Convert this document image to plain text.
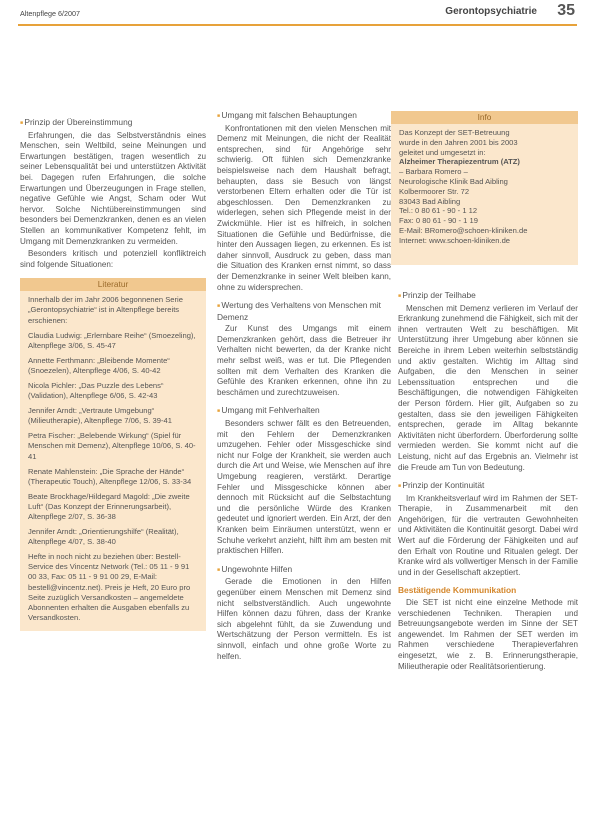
Altenpflege 6/2007	Gerontopsychiatrie 35
■ Prinzip der Übereinstimmung

Erfahrungen, die das Selbstverständnis eines Menschen, sein Weltbild, seine Meinungen und Erwartungen bestätigen, tragen wesentlich zu seiner Lebensqualität bei und unterstützen Aktivität bei. Dagegen rufen Erfahrungen, die solche Erwartungen und Überzeugungen in Frage stellen, negative Gefühle wie Angst, Scham oder Wut hervor. Solche Nichtübereinstimmungen sind besonders bei Demenzkranken, denen es an vielen Stellen an kommunikativer Kompetenz fehlt, im Umgang mit Demenzkranken zu vermeiden.

Besonders kritisch und potenziell konfliktreich sind folgende Situationen:

Literatur

Innerhalb der im Jahr 2006 begonnenen Serie „Gerontopsychiatrie“ ist in Altenpflege bereits erschienen:

Claudia Ludwig: „Erlernbare Reihe“ (Smoezeling), Altenpflege 3/06, S. 45-47

Annette Ferthmann: „Bleibende Momente“ (Snoezelen), Altenpflege 4/06, S. 40-42

Nicola Pichler: „Das Puzzle des Lebens“ (Validation), Altenpflege 6/06, S. 42-43

Jennifer Arndt: „Vertraute Umgebung“ (Milieutherapie), Altenpflege 7/06, S. 39-41

Petra Fischer: „Belebende Wirkung“ (Spiel für Menschen mit Demenz), Altenpflege 10/06, S. 40-41

Renate Mahlenstein: „Die Sprache der Hände“ (Therapeutic Touch), Altenpflege 12/06, S. 33-34

Beate Brockhage/Hildegard Magold: „Die zweite Luft“ (Das Konzept der Erinnerungsarbeit), Altenpflege 2/07, S. 36-38

Jennifer Arndt: „Orientierungshilfe“ (Realität), Altenpflege 4/07, S. 38-40

Hefte in noch nicht zu beziehen über: Bestell-Service des Vincentz Network (Tel.: 05 11 - 9 91 00 33, Fax: 05 11 - 9 91 00 29, E-Mail: bestell@vincentz.net). Preis je Heft, 20 Euro pro Seite zuzüglich Versandkosten – angemeldete Abonnenten erhalten die Ausgaben ebenfalls zu Versandkosten.

■ Umgang mit falschen Behauptungen

Konfrontationen mit den vielen Menschen mit Demenz mit Meinungen, die nicht der Realität entsprechen, sind für Angehörige sehr schwierig. Oft fühlen sich Demenzkranke beispielsweise nach dem Haushalt befragt, behaupten, dass sie Besuch von längst verstorbenen Eltern erhalten oder die Tür ist abgeschlossen. Den Demenzkranken zu widerlegen, sehen sich Pflegende meist in der Zwickmühle. Hier ist es hilfreich, in solchen Situationen die Gefühle und Bedürfnisse, die hinter den Aussagen liegen, zu erkennen. Es ist daher sinnvoll, Ausdruck zu geben, dass man die Situation des Kranken ernst nimmt, so dass der Demenzkranke in seiner Welt bleiben kann, ohne zu widersprechen.

■ Wertung des Verhaltens von Menschen mit Demenz

Zur Kunst des Umgangs mit einem Demenzkranken gehört, dass die Betreuer ihr Verhalten nicht bewerten, da der Kranke nicht mehr selbst weiß, was er tut. Die Pflegenden sollten mit dem Verhalten des Kranken die Gefühle des Kranken erkennen, ohne ihn zu beschämen und zurechtzuweisen.

■ Umgang mit Fehlverhalten

Besonders schwer fällt es den Betreuenden, mit den Fehlern der Demenzkranken umzugehen. Fehler oder Missgeschicke sind nicht nur Folge der Krankheit, sie werden auch durch die Art und Weise, wie Menschen auf ihre Umgebung reagieren, verstärkt. Derartige Fehler und Missgeschicke können aber dennoch mit Rücksicht auf die Selbstachtung und die persönliche Würde des Kranken gedeutet und ignoriert werden. Ein Arzt, der den Kranken beim Einräumen unterstützt, wenn er Schuhe verkehrt anzieht, hilft ihm am besten mit praktischen Hilfen.

■ Ungewohnte Hilfen

Gerade die Emotionen in den Hilfen gegenüber einem Menschen mit Demenz sind nicht selbstverständlich. Auch ungewohnte Hilfen können dazu führen, dass der Kranke sich abgelehnt fühlt, da sie Zuwendung und Wertschätzung der Person vermitteln. Es ist sinnvoll, einfach und ohne große Worte zu helfen.

Info
Das Konzept der SET-Betreuung
wurde in den Jahren 2001 bis 2003
geleitet und umgesetzt in:
Alzheimer Therapiezentrum (ATZ)
– Barbara Romero –
Neurologische Klinik Bad Aibling
Kolbermoorer Str. 72
83043 Bad Aibling
Tel.: 0 80 61 - 90 - 1 12
Fax: 0 80 61 - 90 - 1 19
E-Mail: BRomero@schoen-kliniken.de
Internet: www.schoen-kliniken.de
■ Prinzip der Teilhabe

Menschen mit Demenz verlieren im Verlauf der Erkrankung zunehmend die Fähigkeit, sich mit der ihnen vertrauten Welt zu beschäftigen. Mit Unterstützung ihrer Umgebung aber können sie Bereiche in ihrem Leben weiterhin selbstständig und aktiv gestalten. Wichtig im Alltag sind Aufgaben, die den Menschen in seiner Lebenssituation entsprechen und die Beschäftigungen, die notwendigen Fähigkeiten der Person fördern. Hier gilt, Aufgaben so zu gestalten, dass sie den jeweiligen Fähigkeiten entsprechen, gerade im Alltag bekannte Aktivitäten nicht überfordern. Überforderung sollte vermieden werden. Sie kommt nicht auf die Leistung, nicht auf das Ergebnis an. Vielmehr ist die Freude am Tun von Bedeutung.

■ Prinzip der Kontinuität

Im Krankheitsverlauf wird im Rahmen der SET-Therapie, in Zusammenarbeit mit den Angehörigen, für die vertrauten Gewohnheiten und Aktivitäten die Kontinuität gesorgt. Dabei wird Wert auf die Förderung der Fähigkeiten und auf den Erhalt von Routine und Ritualen gelegt. Der Kranke wird als vollwertiger Mensch in der Familie und in der Gesellschaft akzeptiert.

Bestätigende Kommunikation

Die SET ist nicht eine einzelne Methode mit verschiedenen Techniken. Therapien und Betreuungsangebote werden im Sinne der SET angewendet. Im Rahmen der SET werden im Rahmen verschiedene Therapieverfahren eingesetzt, wie z. B. Erinnerungstherapie, Milieutherapie oder Realitätsorientierung.
